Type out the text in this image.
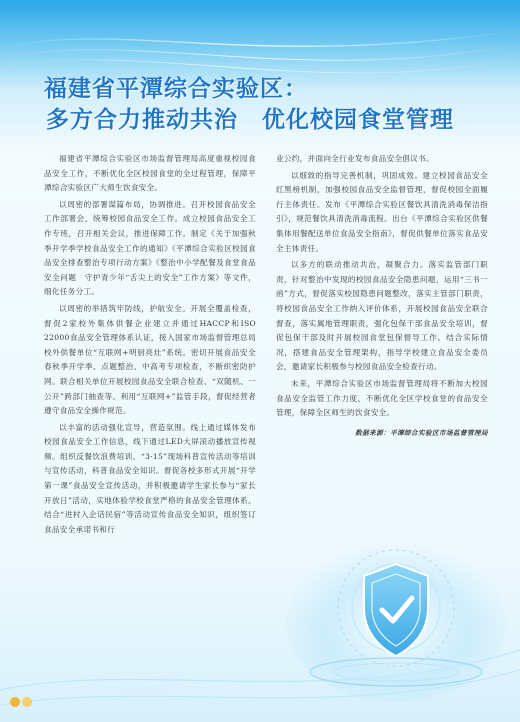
福建省平潭综合实验区：
多方合力推动共治　优化校园食堂管理

福建省平潭综合实验区市场监督管理局高度重视校园食品安全工作，不断优化全区校园食堂的全过程管理，保障平潭综合实验区广大师生饮食安全。

以周密的部署谋篇布局，协调推进。召开校园食品安全工作部署会，统筹校园食品安全工作。成立校园食品安全工作专班，召开相关会议，推进保障工作。制定《关于加强秋季开学季学校食品安全工作的通知》《平潭综合实验区校园食品安全排查整治专项行动方案》《整治中小学配餐及食堂食品安全问题　守护青少年“舌尖上的安全”工作方案》等文件，细化任务分工。

以周密的举措筑牢防线，护航安全。开展全覆盖检查，督促2家校外集体供餐企业建立并通过HACCP和ISO 22000食品安全管理体系认证，接入国家市场监督管理总局校外供餐单位“互联网+明厨亮灶”系统。密切开展食品安全春秋季开学季、点题整治、中高考专项检查，不断织密防护网。联合相关单位开展校园食品安全联合检查、“双随机、一公开”跨部门抽查等。利用“互联网+”监管手段，督促经营者遵守食品安全操作规范。

以丰富的活动强化宣导，营造氛围。线上通过媒体发布校园食品安全工作信息，线下通过LED大屏滚动播放宣传视频。组织反餐饮浪费培训、“3·15”现场科普宣传活动等培训与宣传活动，科普食品安全知识。督促各校多形式开展“开学第一课”食品安全宣传活动，并积极邀请学生家长参与“家长开放日”活动，实地体验学校食堂严格的食品安全管理体系。结合“进村入企话民宿”等活动宣传食品安全知识，组织签订食品安全承诺书和行

业公约，并面向全行业发布食品安全倡议书。

以细致的指导完善机制，巩固成效。建立校园食品安全红黑榜机制，加强校园食品安全监督管理，督促校园全面履行主体责任。发布《平潭综合实验区餐饮具清洗消毒保洁指引》，规范餐饮具清洗消毒流程。出台《平潭综合实验区供餐集体用餐配送单位食品安全指南》，督促供餐单位落实食品安全主体责任。

以多方的联动推动共治，凝聚合力。落实监管部门职责，针对整治中发现的校园食品安全隐患问题，运用“三书一函”方式，督促落实校园隐患问题整改，落实主管部门职责，将校园食品安全工作纳入评价体系，开展校园食品安全联合督查，落实属地管理职责，强化包保干部食品安全培训，督促包保干部及时开展校园食堂包保督导工作。结合实际情况，搭建食品安全管理架构，指导学校建立食品安全委员会，邀请家长积极参与校园食品安全检查行动。

未来，平潭综合实验区市场监督管理局将不断加大校园食品安全监管工作力度，不断优化全区学校食堂的食品安全管理，保障全区师生的饮食安全。

数据来源：平潭综合实验区市场监督管理局
